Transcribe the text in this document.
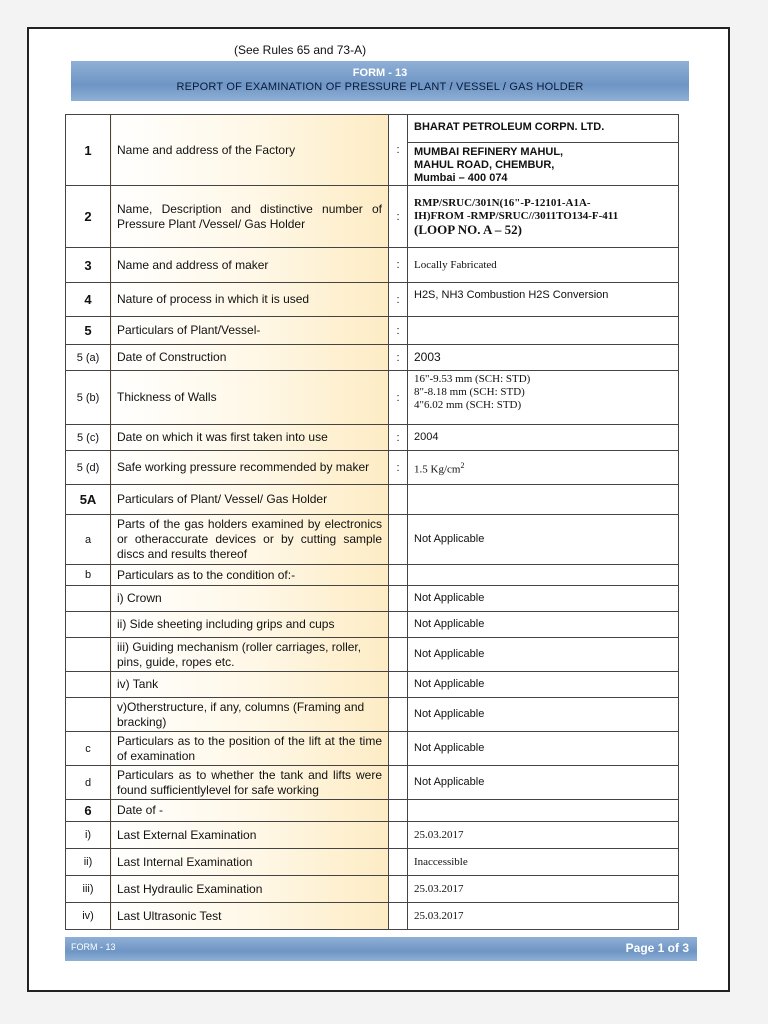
(See Rules 65 and 73-A)
FORM - 13
REPORT OF EXAMINATION OF PRESSURE PLANT / VESSEL / GAS HOLDER
1	Name and address of the Factory	:	BHARAT PETROLEUM CORPN. LTD.
MUMBAI REFINERY MAHUL,
MAHUL ROAD, CHEMBUR,
Mumbai – 400 074

2	Name, Description and distinctive number of Pressure Plant /Vessel/ Gas Holder	:	RMP/SRUC/301N(16"-P-12101-A1A-
IH)FROM -RMP/SRUC//3011TO134-F-411
(LOOP NO. A – 52)

3	Name and address of maker	:	Locally Fabricated
4	Nature of process in which it is used	:	H2S, NH3 Combustion H2S Conversion
5	Particulars of Plant/Vessel-	:	
5 (a)	Date of Construction	:	2003
5 (b)	Thickness of Walls	:	16"-9.53 mm (SCH: STD)
8"-8.18 mm (SCH: STD)
4"6.02 mm (SCH: STD)

5 (c)	Date on which it was first taken into use	:	2004
5 (d)	Safe working pressure recommended by maker	:	1.5 $Kg/cm^2$
5A	Particulars of Plant/ Vessel/ Gas Holder		
a	Parts of the gas holders examined by electronics or otheraccurate devices or by cutting sample discs and results thereof		Not Applicable
b	Particulars as to the condition of:-		
	i) Crown		Not Applicable
	ii) Side sheeting including grips and cups		Not Applicable
	iii) Guiding mechanism (roller carriages, roller, pins, guide, ropes etc.		Not Applicable
	iv) Tank		Not Applicable
	v)Otherstructure, if any, columns (Framing and bracking)		Not Applicable
c	Particulars as to the position of the lift at the time of examination		Not Applicable
d	Particulars as to whether the tank and lifts were found sufficientlylevel for safe working		Not Applicable
6	Date of -		
i)	Last External Examination		25.03.2017
ii)	Last Internal Examination		Inaccessible
iii)	Last Hydraulic Examination		25.03.2017
iv)	Last Ultrasonic Test		25.03.2017
FORM - 13	Page 1 of 3
